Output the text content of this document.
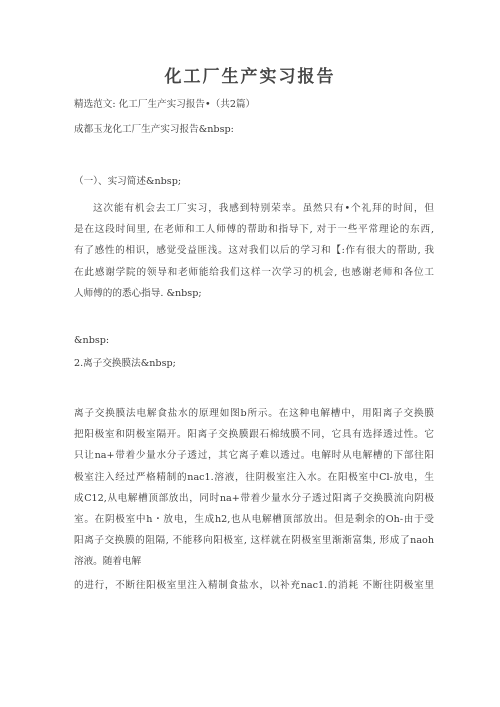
化工厂生产实习报告
精选范文: 化工厂生产实习报告•（共2篇）
成都玉龙化工厂生产实习报告&nbsp:
（一）、实习简述&nbsp;

这次能有机会去工厂实习，我感到特别荣幸。虽然只有•个礼拜的时间，但

是在这段时间里, 在老师和工人师傅的帮助和指导下, 对于一些平常理论的东西,

有了感性的相识，感觉受益匪浅。这对我们以后的学习和【:作有很大的帮助, 我

在此感谢学院的领导和老师能给我们这样一次学习的机会, 也感谢老师和各位工

人师傅的的悉心指导. &nbsp;

&nbsp:
2.离子交换膜法&nbsp;

离子交换膜法电解食盐水的原理如图b所示。在这种电解槽中，用阳离子交换膜

把阳极室和阴极室隔开。阳离子交换膜跟石棉绒膜不同，它具有选择透过性。它

只让na+带着少量水分子透过，其它离子难以透过。电解时从电解槽的下部往阳

极室注入经过严格精制的nac1.溶液，往阴极室注入水。在阳极室中Cl-放电，生

成C12,从电解槽顶部放出，同时na+带着少量水分子透过阳离子交换膜流向阴极

室。在阴极室中h・放电，生成h2,也从电解槽顶部放出。但是剩余的Oh-由于受

阳离子交换膜的阻隔, 不能移向阳极室, 这样就在阴极室里渐渐富集, 形成了naoh

溶液。随着电解

的进行，不断往阳极室里注入精制食盐水，以补充nac1.的消耗 不断往阴极室里
